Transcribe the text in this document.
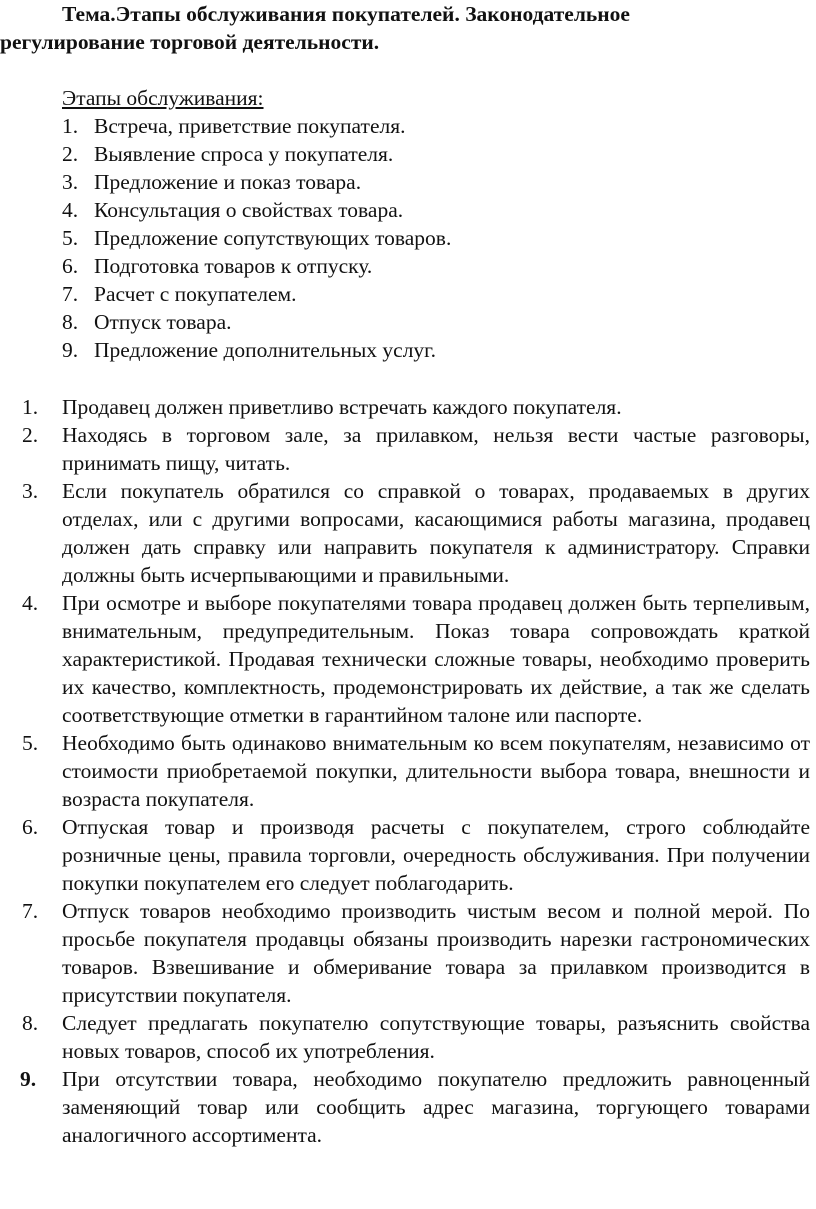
Тема.Этапы обслуживания покупателей. Законодательное
регулирование торговой деятельности.
Этапы обслуживания:
1. Встреча, приветствие покупателя.
2. Выявление спроса у покупателя.
3. Предложение и показ товара.
4. Консультация о свойствах товара.
5. Предложение сопутствующих товаров.
6. Подготовка товаров к отпуску.
7. Расчет с покупателем.
8. Отпуск товара.
9. Предложение дополнительных услуг.
1. Продавец должен приветливо встречать каждого покупателя.
2. Находясь в торговом зале, за прилавком, нельзя вести частые разговоры, принимать пищу, читать.
3. Если покупатель обратился со справкой о товарах, продаваемых в других отделах, или с другими вопросами, касающимися работы магазина, продавец должен дать справку или направить покупателя к администратору. Справки должны быть исчерпывающими и правильными.
4. При осмотре и выборе покупателями товара продавец должен быть терпеливым, внимательным, предупредительным. Показ товара сопровождать краткой характеристикой. Продавая технически сложные товары, необходимо проверить их качество, комплектность, продемонстрировать их действие, а так же сделать соответствующие отметки в гарантийном талоне или паспорте.
5. Необходимо быть одинаково внимательным ко всем покупателям, независимо от стоимости приобретаемой покупки, длительности выбора товара, внешности и возраста покупателя.
6. Отпуская товар и производя расчеты с покупателем, строго соблюдайте розничные цены, правила торговли, очередность обслуживания. При получении покупки покупателем его следует поблагодарить.
7. Отпуск товаров необходимо производить чистым весом и полной мерой. По просьбе покупателя продавцы обязаны производить нарезки гастрономических товаров. Взвешивание и обмеривание товара за прилавком производится в присутствии покупателя.
8. Следует предлагать покупателю сопутствующие товары, разъяснить свойства новых товаров, способ их употребления.
9. При отсутствии товара, необходимо покупателю предложить равноценный заменяющий товар или сообщить адрес магазина, торгующего товарами аналогичного ассортимента.
